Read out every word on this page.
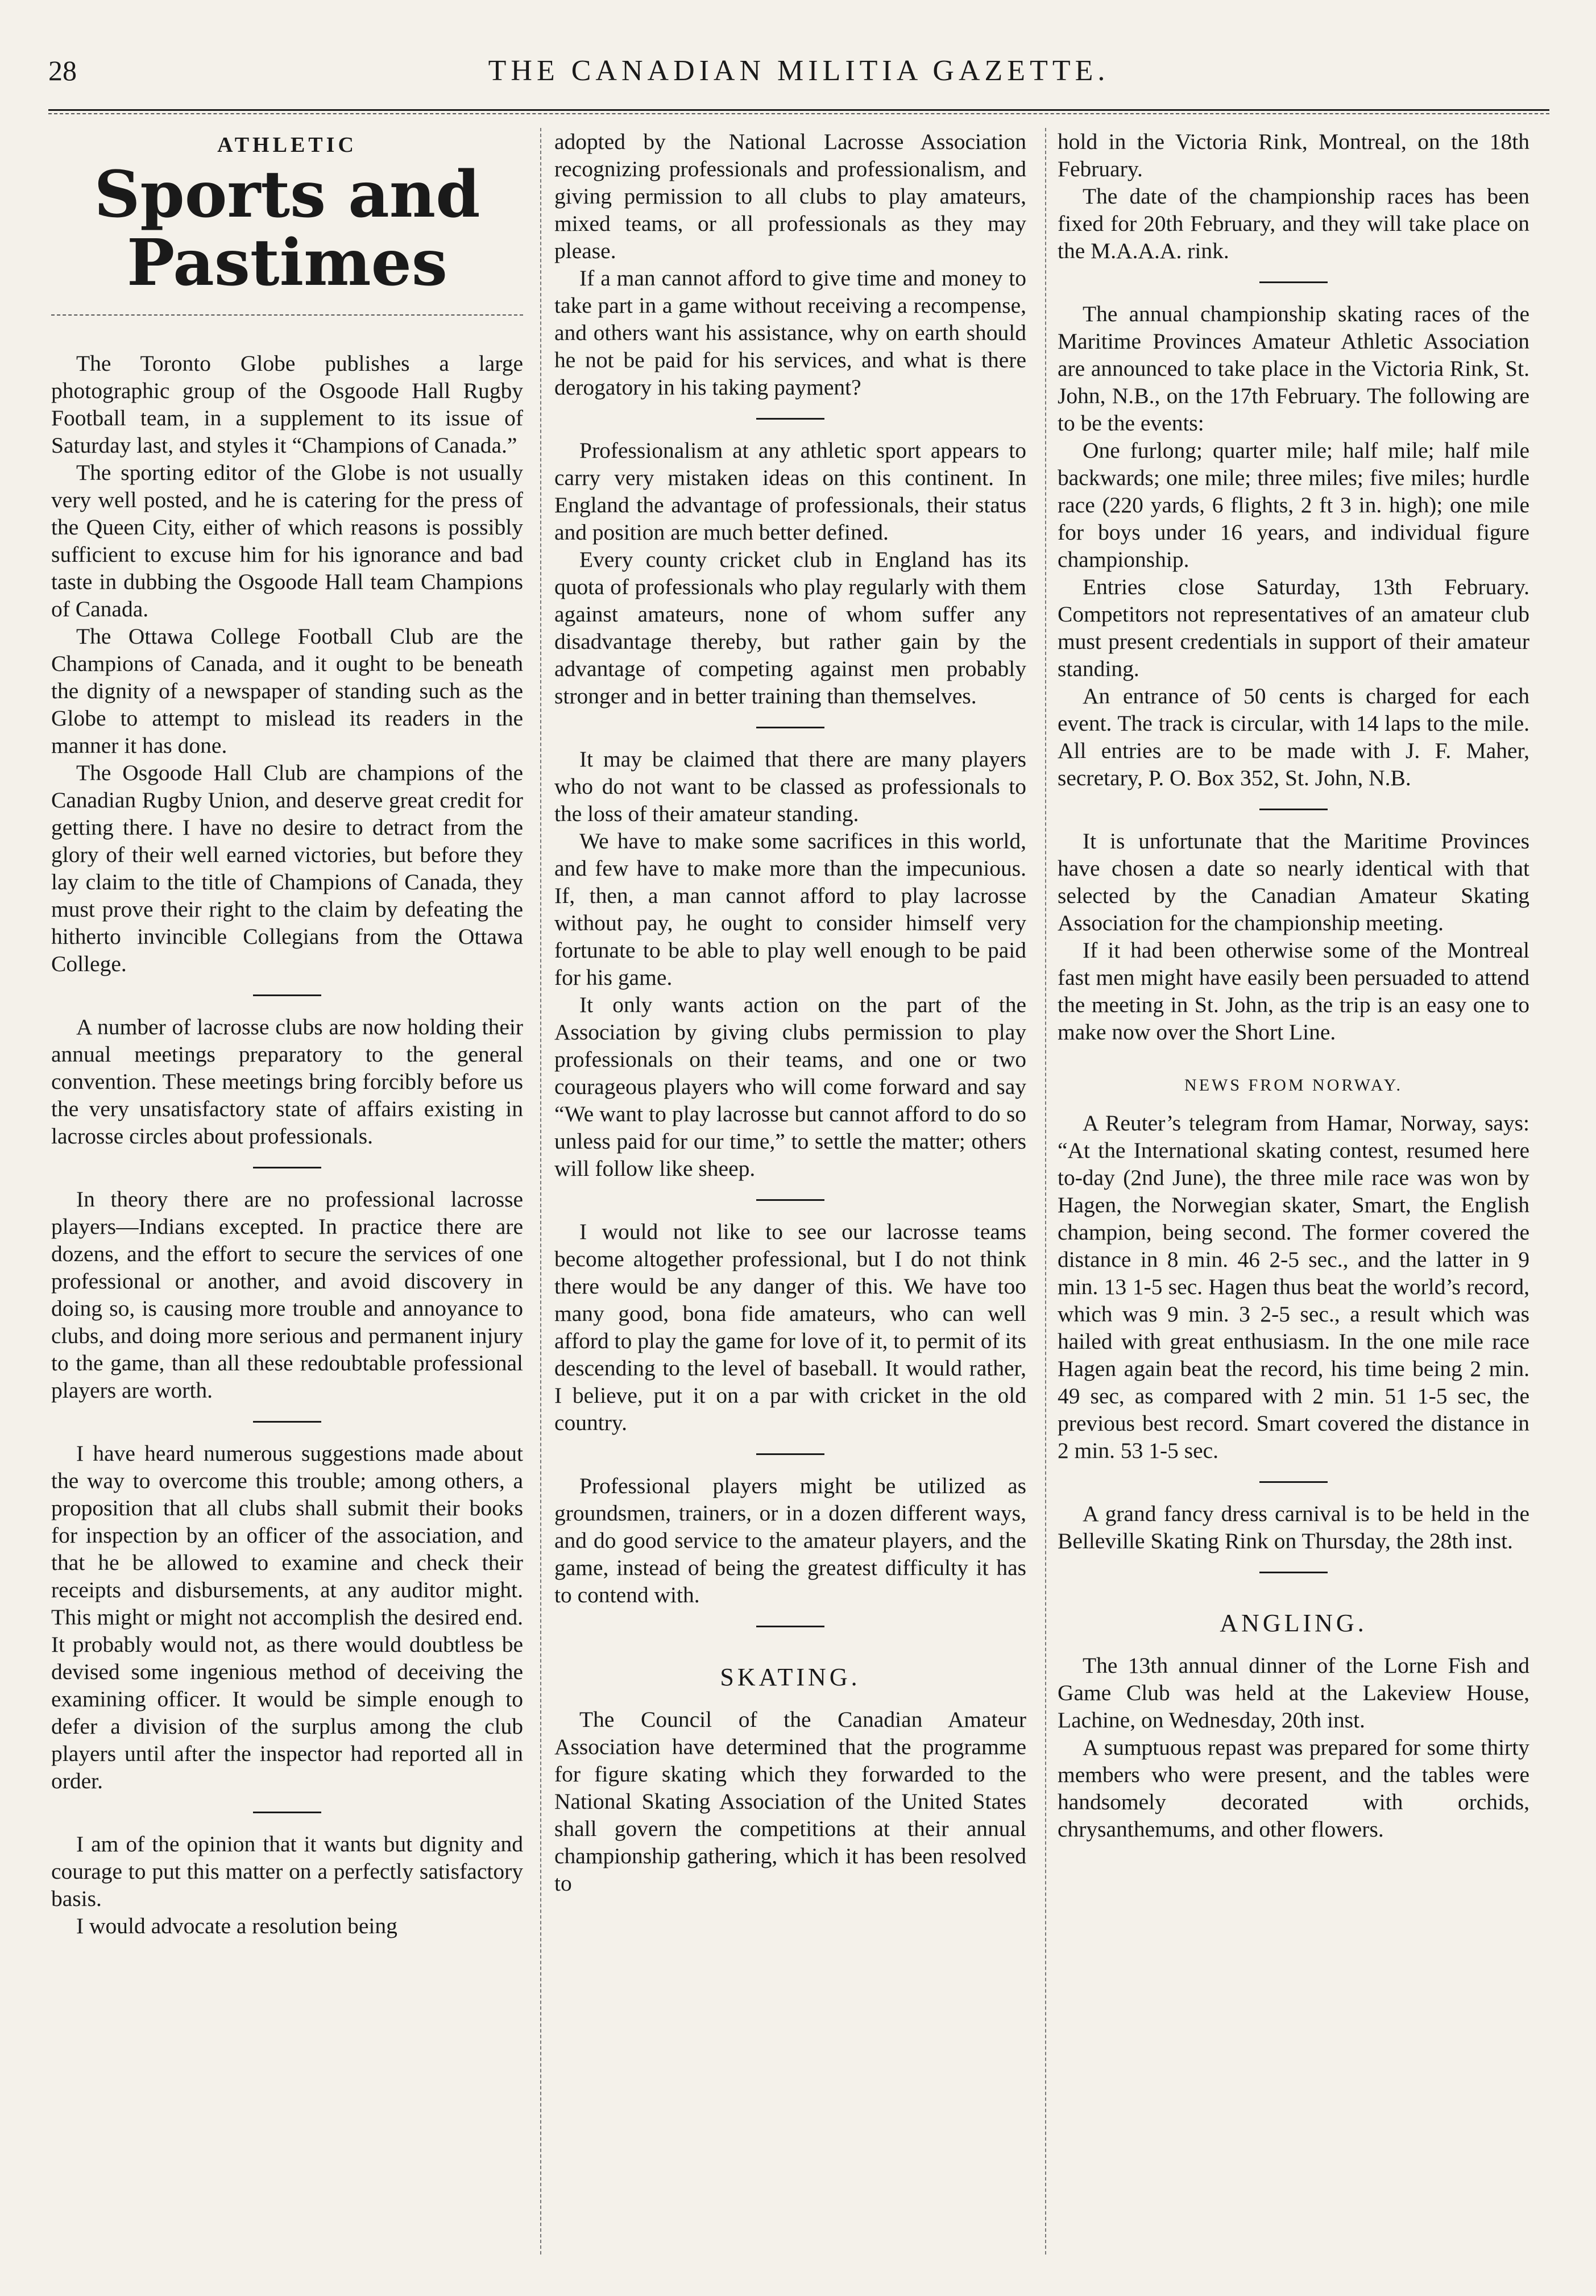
28	THE CANADIAN MILITIA GAZETTE.
ATHLETIC
Sports and Pastimes

The Toronto Globe publishes a large photographic group of the Osgoode Hall Rugby Football team, in a supplement to its issue of Saturday last, and styles it “Champions of Canada.”

The sporting editor of the Globe is not usually very well posted, and he is catering for the press of the Queen City, either of which reasons is possibly sufficient to excuse him for his ignorance and bad taste in dubbing the Osgoode Hall team Champions of Canada.

The Ottawa College Football Club are the Champions of Canada, and it ought to be beneath the dignity of a newspaper of standing such as the Globe to attempt to mislead its readers in the manner it has done.

The Osgoode Hall Club are champions of the Canadian Rugby Union, and deserve great credit for getting there. I have no desire to detract from the glory of their well earned victories, but before they lay claim to the title of Champions of Canada, they must prove their right to the claim by defeating the hitherto invincible Collegians from the Ottawa College.

A number of lacrosse clubs are now holding their annual meetings preparatory to the general convention. These meetings bring forcibly before us the very unsatisfactory state of affairs existing in lacrosse circles about professionals.

In theory there are no professional lacrosse players—Indians excepted. In practice there are dozens, and the effort to secure the services of one professional or another, and avoid discovery in doing so, is causing more trouble and annoyance to clubs, and doing more serious and permanent injury to the game, than all these redoubtable professional players are worth.

I have heard numerous suggestions made about the way to overcome this trouble; among others, a proposition that all clubs shall submit their books for inspection by an officer of the association, and that he be allowed to examine and check their receipts and disbursements, at any auditor might. This might or might not accomplish the desired end. It probably would not, as there would doubtless be devised some ingenious method of deceiving the examining officer. It would be simple enough to defer a division of the surplus among the club players until after the inspector had reported all in order.

I am of the opinion that it wants but dignity and courage to put this matter on a perfectly satisfactory basis.

I would advocate a resolution being

adopted by the National Lacrosse Association recognizing professionals and professionalism, and giving permission to all clubs to play amateurs, mixed teams, or all professionals as they may please.

If a man cannot afford to give time and money to take part in a game without receiving a recompense, and others want his assistance, why on earth should he not be paid for his services, and what is there derogatory in his taking payment?

Professionalism at any athletic sport appears to carry very mistaken ideas on this continent. In England the advantage of professionals, their status and position are much better defined.

Every county cricket club in England has its quota of professionals who play regularly with them against amateurs, none of whom suffer any disadvantage thereby, but rather gain by the advantage of competing against men probably stronger and in better training than themselves.

It may be claimed that there are many players who do not want to be classed as professionals to the loss of their amateur standing.

We have to make some sacrifices in this world, and few have to make more than the impecunious. If, then, a man cannot afford to play lacrosse without pay, he ought to consider himself very fortunate to be able to play well enough to be paid for his game.

It only wants action on the part of the Association by giving clubs permission to play professionals on their teams, and one or two courageous players who will come forward and say “We want to play lacrosse but cannot afford to do so unless paid for our time,” to settle the matter; others will follow like sheep.

I would not like to see our lacrosse teams become altogether professional, but I do not think there would be any danger of this. We have too many good, bona fide amateurs, who can well afford to play the game for love of it, to permit of its descending to the level of baseball. It would rather, I believe, put it on a par with cricket in the old country.

Professional players might be utilized as groundsmen, trainers, or in a dozen different ways, and do good service to the amateur players, and the game, instead of being the greatest difficulty it has to contend with.

SKATING.

The Council of the Canadian Amateur Association have determined that the programme for figure skating which they forwarded to the National Skating Association of the United States shall govern the competitions at their annual championship gathering, which it has been resolved to

hold in the Victoria Rink, Montreal, on the 18th February.

The date of the championship races has been fixed for 20th February, and they will take place on the M.A.A.A. rink.

The annual championship skating races of the Maritime Provinces Amateur Athletic Association are announced to take place in the Victoria Rink, St. John, N.B., on the 17th February. The following are to be the events:

One furlong; quarter mile; half mile; half mile backwards; one mile; three miles; five miles; hurdle race (220 yards, 6 flights, 2 ft 3 in. high); one mile for boys under 16 years, and individual figure championship.

Entries close Saturday, 13th February. Competitors not representatives of an amateur club must present credentials in support of their amateur standing.

An entrance of 50 cents is charged for each event. The track is circular, with 14 laps to the mile. All entries are to be made with J. F. Maher, secretary, P. O. Box 352, St. John, N.B.

It is unfortunate that the Maritime Provinces have chosen a date so nearly identical with that selected by the Canadian Amateur Skating Association for the championship meeting.

If it had been otherwise some of the Montreal fast men might have easily been persuaded to attend the meeting in St. John, as the trip is an easy one to make now over the Short Line.

NEWS FROM NORWAY.

A Reuter’s telegram from Hamar, Norway, says: “At the International skating contest, resumed here to-day (2nd June), the three mile race was won by Hagen, the Norwegian skater, Smart, the English champion, being second. The former covered the distance in 8 min. 46 2-5 sec., and the latter in 9 min. 13 1-5 sec. Hagen thus beat the world’s record, which was 9 min. 3 2-5 sec., a result which was hailed with great enthusiasm. In the one mile race Hagen again beat the record, his time being 2 min. 49 sec, as compared with 2 min. 51 1-5 sec, the previous best record. Smart covered the distance in 2 min. 53 1-5 sec.

A grand fancy dress carnival is to be held in the Belleville Skating Rink on Thursday, the 28th inst.

ANGLING.

The 13th annual dinner of the Lorne Fish and Game Club was held at the Lakeview House, Lachine, on Wednesday, 20th inst.

A sumptuous repast was prepared for some thirty members who were present, and the tables were handsomely decorated with orchids, chrysanthemums, and other flowers.
